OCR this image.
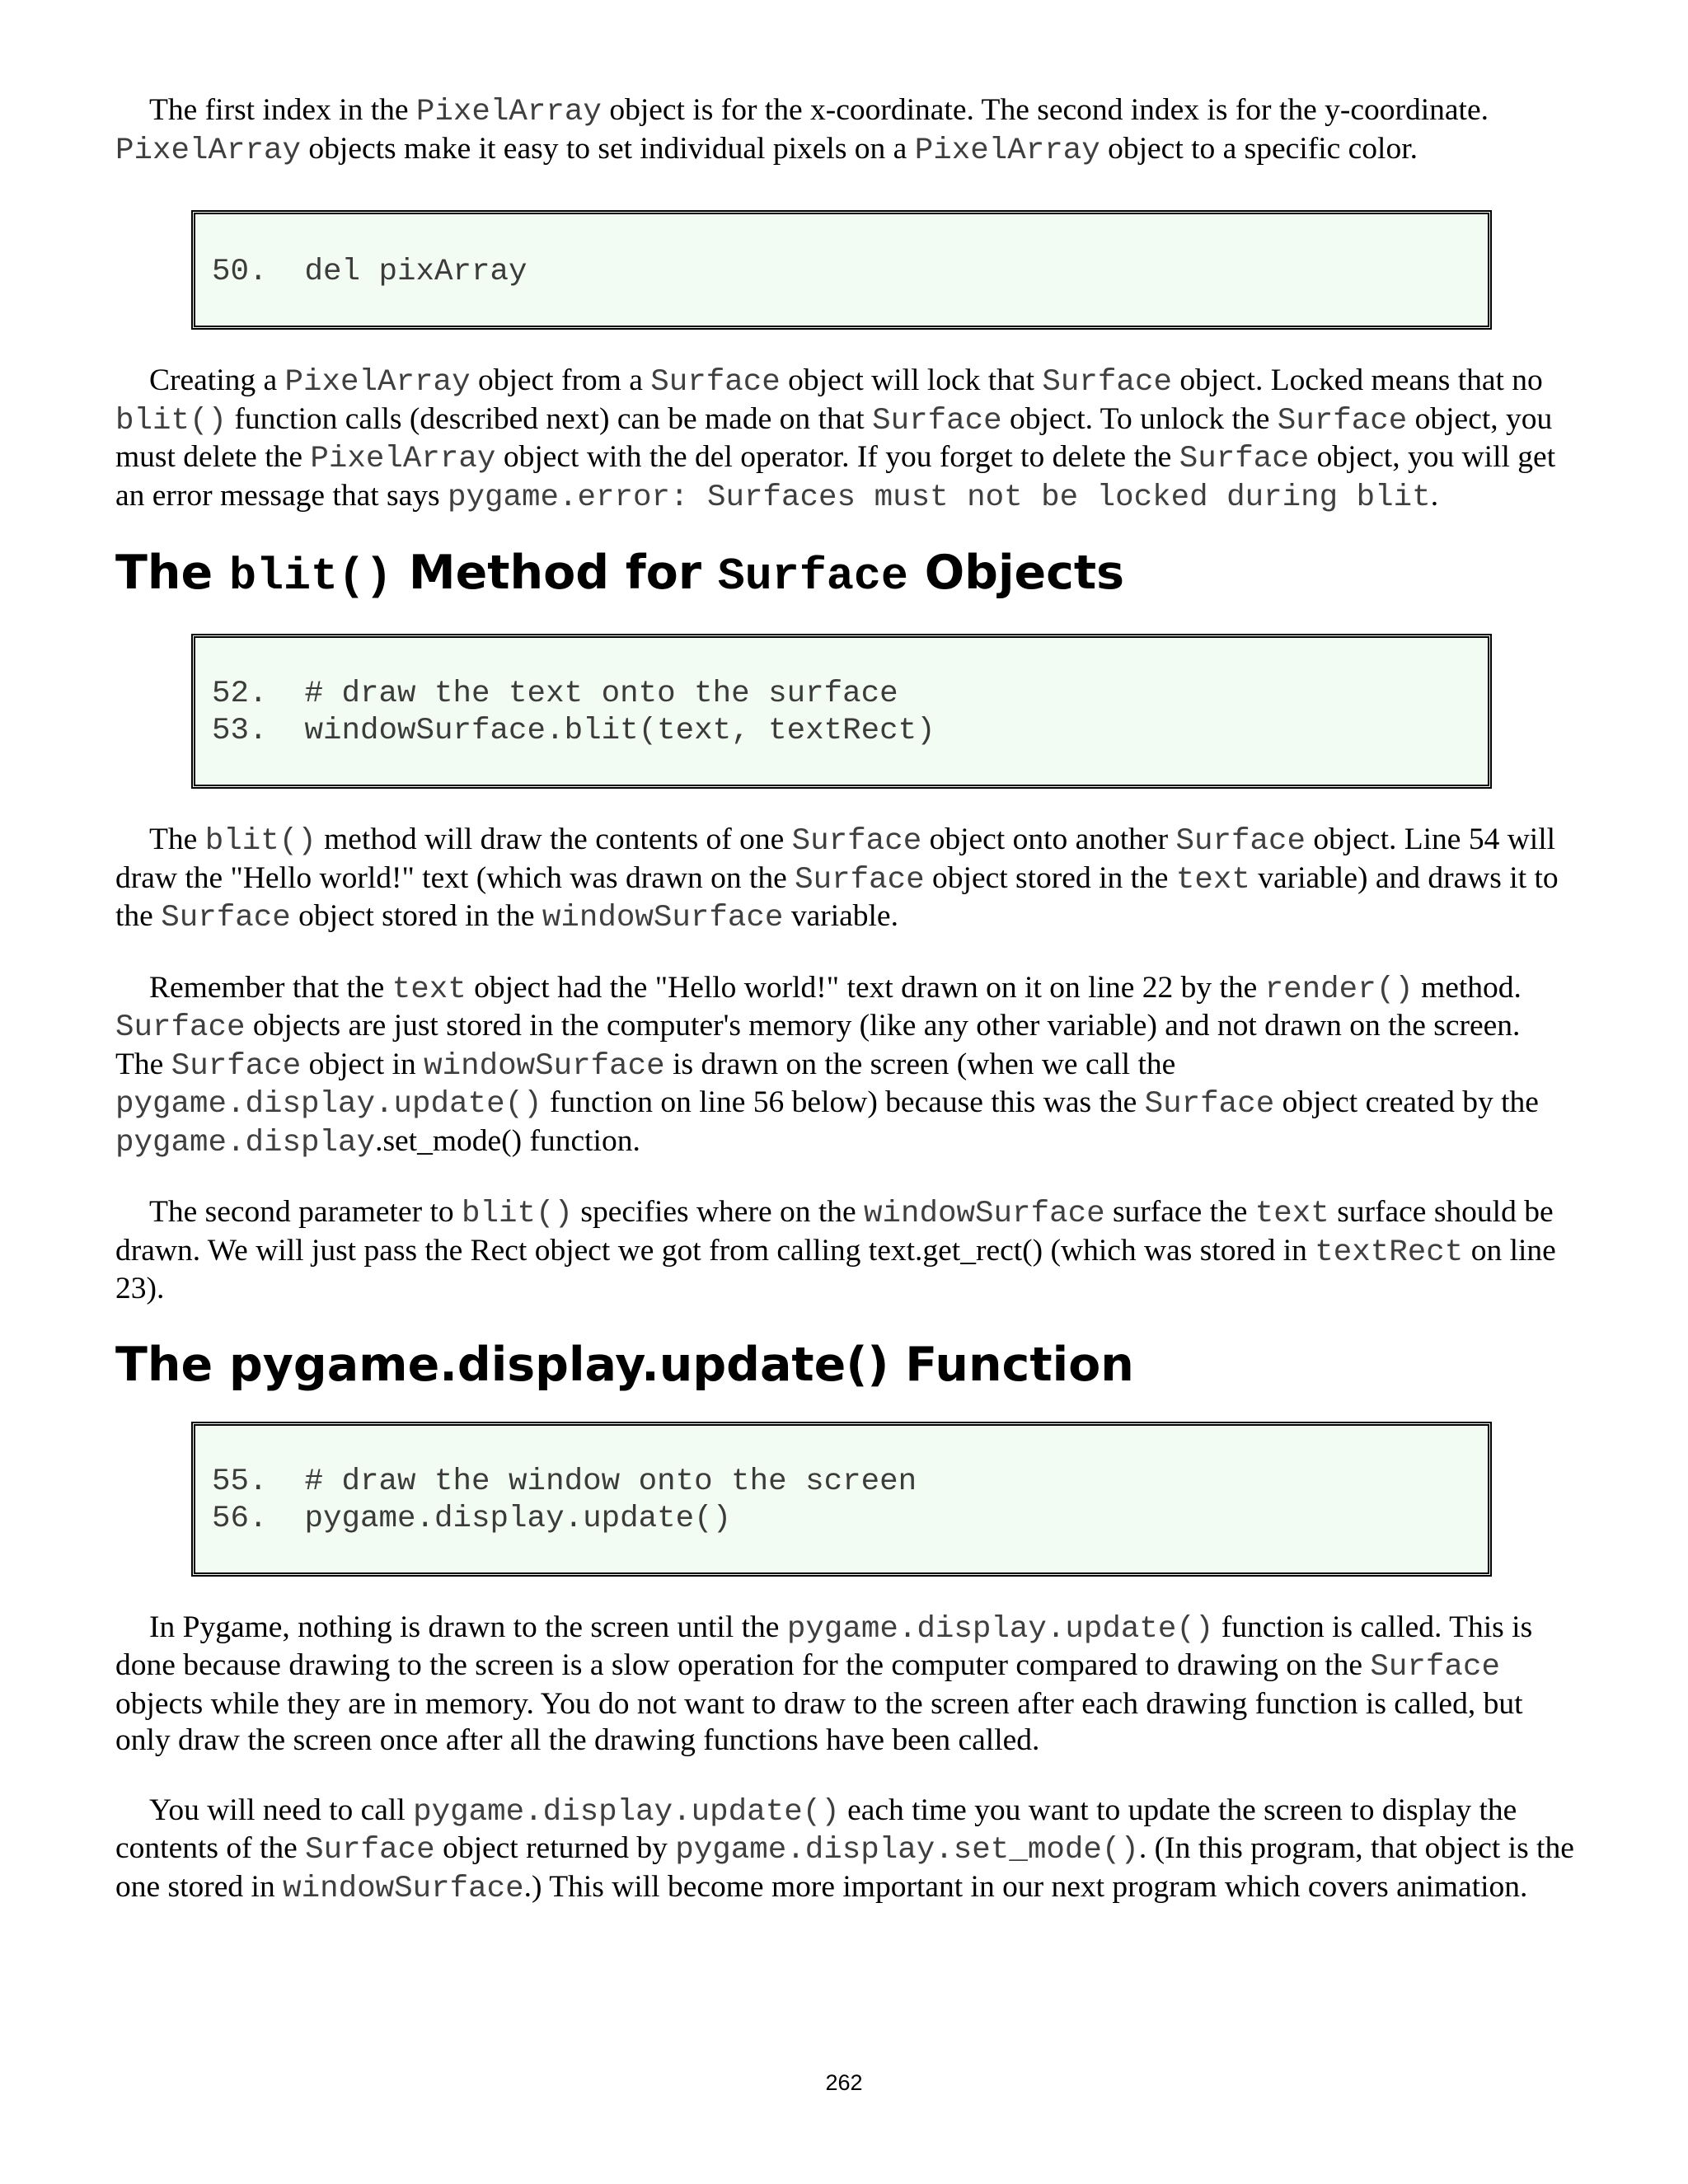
The first index in the PixelArray object is for the x-coordinate. The second index is for the y-coordinate. PixelArray objects make it easy to set individual pixels on a PixelArray object to a specific color.

50.  del pixArray

Creating a PixelArray object from a Surface object will lock that Surface object. Locked means that no blit() function calls (described next) can be made on that Surface object. To unlock the Surface object, you must delete the PixelArray object with the del operator. If you forget to delete the Surface object, you will get an error message that says pygame.error: Surfaces must not be locked during blit.

The blit() Method for Surface Objects
52.  # draw the text onto the surface
53.  windowSurface.blit(text, textRect)

The blit() method will draw the contents of one Surface object onto another Surface object. Line 54 will draw the "Hello world!" text (which was drawn on the Surface object stored in the text variable) and draws it to the Surface object stored in the windowSurface variable.

Remember that the text object had the "Hello world!" text drawn on it on line 22 by the render() method. Surface objects are just stored in the computer's memory (like any other variable) and not drawn on the screen. The Surface object in windowSurface is drawn on the screen (when we call the pygame.display.update() function on line 56 below) because this was the Surface object created by the pygame.display.set_mode() function.

The second parameter to blit() specifies where on the windowSurface surface the text surface should be drawn. We will just pass the Rect object we got from calling text.get_rect() (which was stored in textRect on line 23).

The pygame.display.update() Function
55.  # draw the window onto the screen
56.  pygame.display.update()

In Pygame, nothing is drawn to the screen until the pygame.display.update() function is called. This is done because drawing to the screen is a slow operation for the computer compared to drawing on the Surface objects while they are in memory. You do not want to draw to the screen after each drawing function is called, but only draw the screen once after all the drawing functions have been called.

You will need to call pygame.display.update() each time you want to update the screen to display the contents of the Surface object returned by pygame.display.set_mode(). (In this program, that object is the one stored in windowSurface.) This will become more important in our next program which covers animation.

262
